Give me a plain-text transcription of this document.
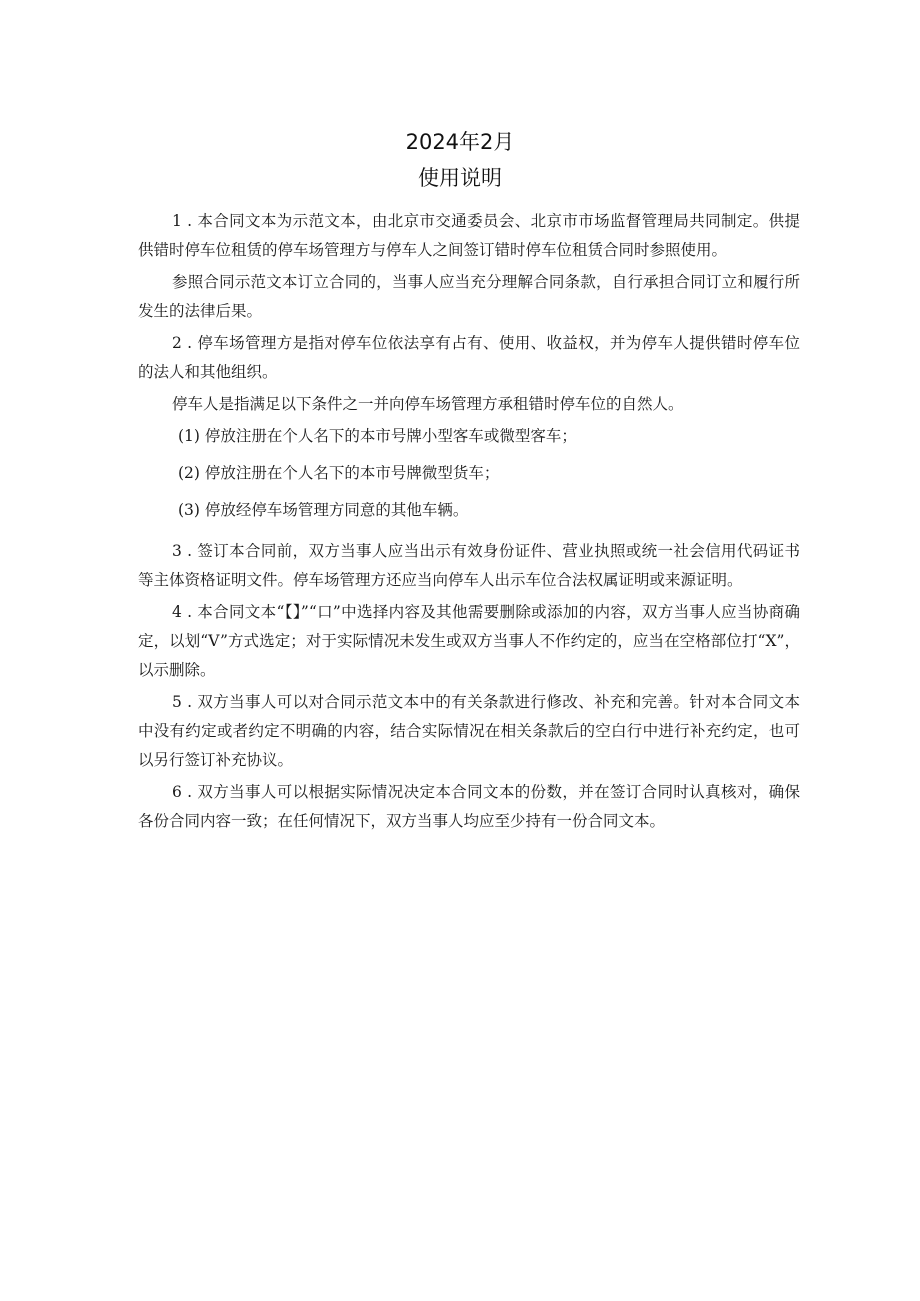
2024年2月
使用说明

1 . 本合同文本为示范文本，由北京市交通委员会、北京市市场监督管理局共同制定。供提供错时停车位租赁的停车场管理方与停车人之间签订错时停车位租赁合同时参照使用。

参照合同示范文本订立合同的，当事人应当充分理解合同条款，自行承担合同订立和履行所发生的法律后果。

2 . 停车场管理方是指对停车位依法享有占有、使用、收益权，并为停车人提供错时停车位的法人和其他组织。

停车人是指满足以下条件之一并向停车场管理方承租错时停车位的自然人。

(1) 停放注册在个人名下的本市号牌小型客车或微型客车；

(2) 停放注册在个人名下的本市号牌微型货车；

(3) 停放经停车场管理方同意的其他车辆。

3 . 签订本合同前，双方当事人应当出示有效身份证件、营业执照或统一社会信用代码证书等主体资格证明文件。停车场管理方还应当向停车人出示车位合法权属证明或来源证明。

4 . 本合同文本“【】”“口”中选择内容及其他需要删除或添加的内容，双方当事人应当协商确定，以划“V”方式选定；对于实际情况未发生或双方当事人不作约定的，应当在空格部位打“X”，以示删除。

5 . 双方当事人可以对合同示范文本中的有关条款进行修改、补充和完善。针对本合同文本中没有约定或者约定不明确的内容，结合实际情况在相关条款后的空白行中进行补充约定，也可以另行签订补充协议。

6 . 双方当事人可以根据实际情况决定本合同文本的份数，并在签订合同时认真核对，确保各份合同内容一致；在任何情况下，双方当事人均应至少持有一份合同文本。
